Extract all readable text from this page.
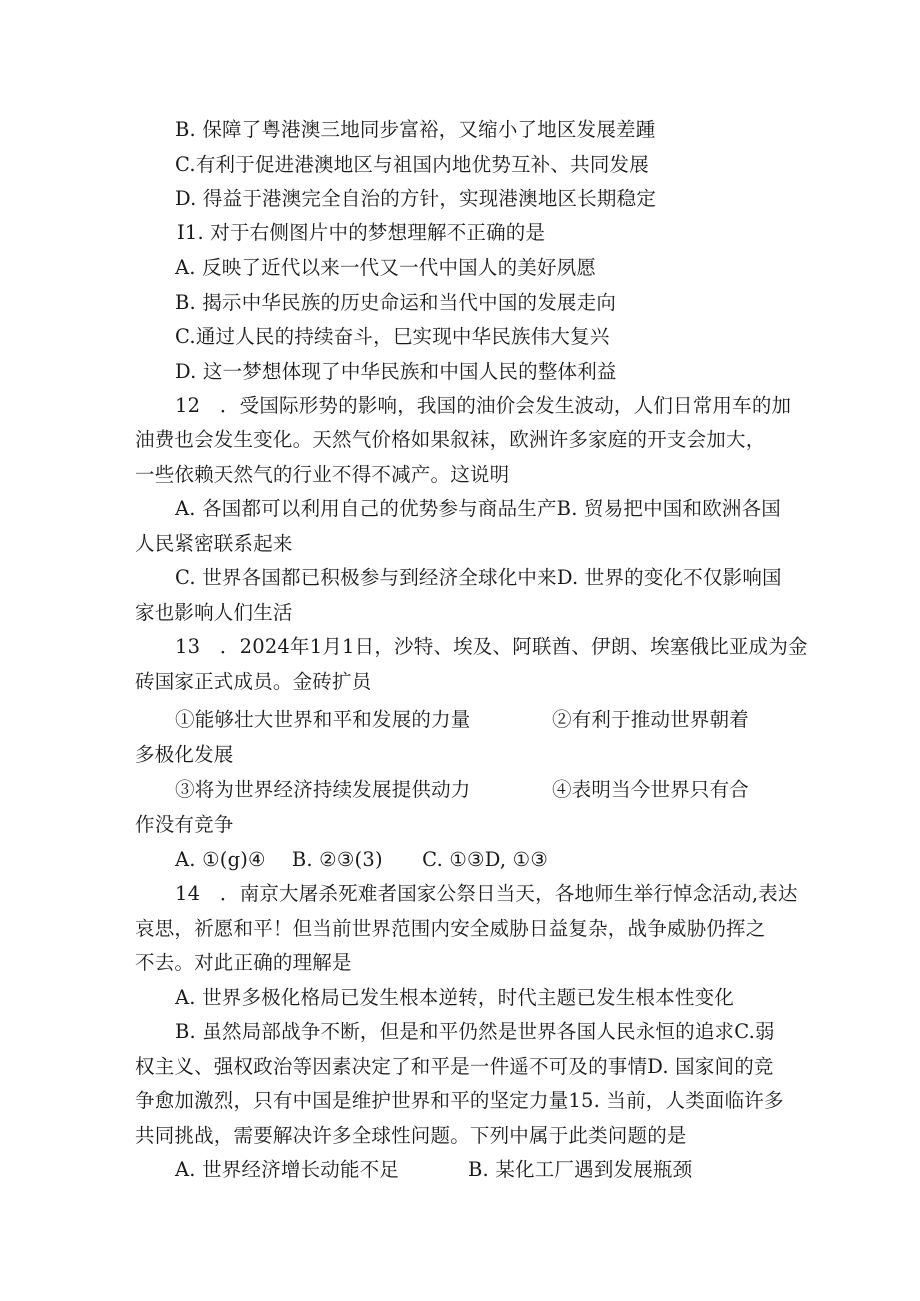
B. 保障了粤港澳三地同步富裕，又缩小了地区发展差踵
C.有利于促进港澳地区与祖国内地优势互补、共同发展
D. 得益于港澳完全自治的方针，实现港澳地区长期稳定
I1. 对于右侧图片中的梦想理解不正确的是
A. 反映了近代以来一代又一代中国人的美好夙愿
B. 揭示中华民族的历史命运和当代中国的发展走向
C.通过人民的持续奋斗，巳实现中华民族伟大复兴
D. 这一梦想体现了中华民族和中国人民的整体利益
12　．受国际形势的影响，我国的油价会发生波动，人们日常用车的加
油费也会发生变化。天然气价格如果叙袜，欧洲许多家庭的开支会加大，
一些依赖天然气的行业不得不减产。这说明
A. 各国都可以利用自己的优势参与商品生产B. 贸易把中国和欧洲各国
人民紧密联系起来
C. 世界各国都已积极参与到经济全球化中来D. 世界的变化不仅影响国
家也影响人们生活
13　．2024年1月1日，沙特、埃及、阿联酋、伊朗、埃塞俄比亚成为金
砖国家正式成员。金砖扩员
①能够壮大世界和平和发展的力量	②有利于推动世界朝着
多极化发展
③将为世界经济持续发展提供动力	④表明当今世界只有合
作没有竞争
A. ①(g)④　 B. ②③(3)　　C. ①③D, ①③
14　．南京大屠杀死难者国家公祭日当天，各地师生举行悼念活动,表达
哀思，祈愿和平！但当前世界范围内安全威胁日益复杂，战争威胁仍挥之
不去。对此正确的理解是
A. 世界多极化格局已发生根本逆转，时代主题已发生根本性变化
B. 虽然局部战争不断，但是和平仍然是世界各国人民永恒的追求C.弱
权主义、强权政治等因素决定了和平是一件遥不可及的事情D. 国家间的竞
争愈加激烈，只有中国是维护世界和平的坚定力量15. 当前，人类面临许多
共同挑战，需要解决许多全球性问题。下列中属于此类问题的是
A. 世界经济增长动能不足	B. 某化工厂遇到发展瓶颈
